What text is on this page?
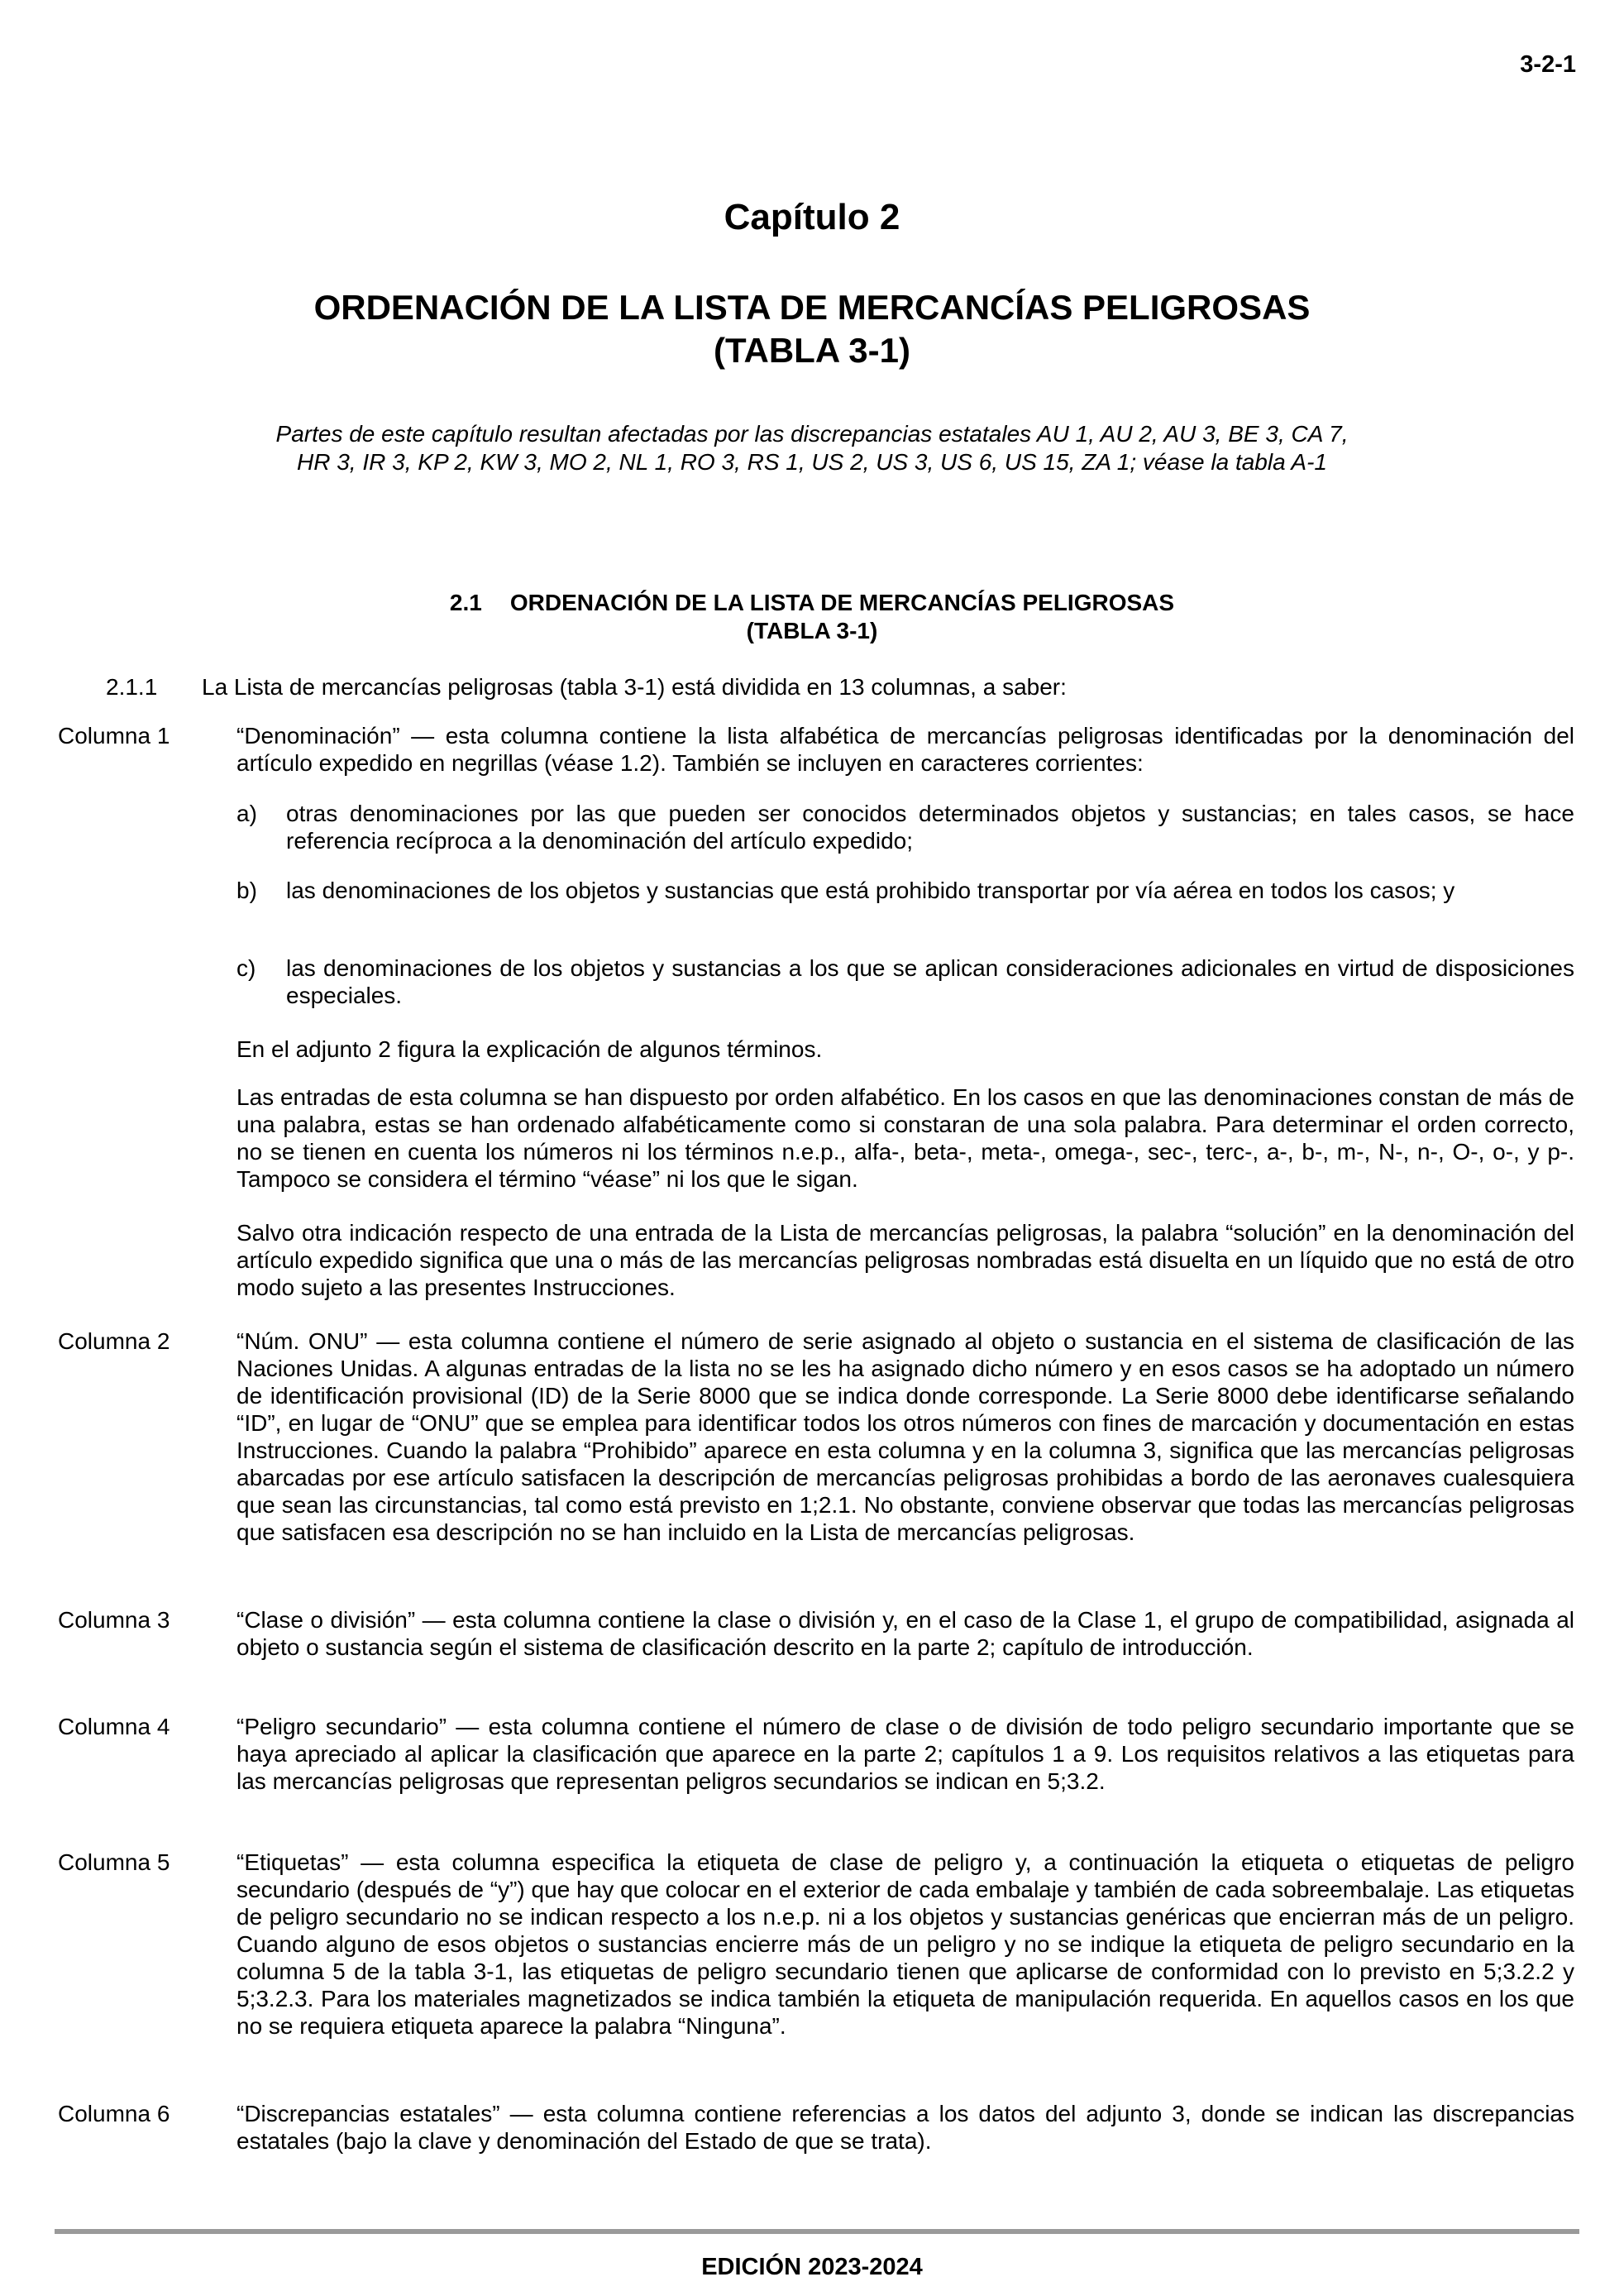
3-2-1
Capítulo 2
ORDENACIÓN DE LA LISTA DE MERCANCÍAS PELIGROSAS
(TABLA 3-1)
Partes de este capítulo resultan afectadas por las discrepancias estatales AU 1, AU 2, AU 3, BE 3, CA 7,
HR 3, IR 3, KP 2, KW 3, MO 2, NL 1, RO 3, RS 1, US 2, US 3, US 6, US 15, ZA 1; véase la tabla A-1
2.1 ORDENACIÓN DE LA LISTA DE MERCANCÍAS PELIGROSAS
(TABLA 3-1)
2.1.1 La Lista de mercancías peligrosas (tabla 3-1) está dividida en 13 columnas, a saber:
Columna 1	“Denominación” — esta columna contiene la lista alfabética de mercancías peligrosas identificadas por la denominación del artículo expedido en negrillas (véase 1.2). También se incluyen en caracteres corrientes:
a) otras denominaciones por las que pueden ser conocidos determinados objetos y sustancias; en tales casos, se hace referencia recíproca a la denominación del artículo expedido;
b) las denominaciones de los objetos y sustancias que está prohibido transportar por vía aérea en todos los casos; y
c) las denominaciones de los objetos y sustancias a los que se aplican consideraciones adicionales en virtud de disposiciones especiales.
En el adjunto 2 figura la explicación de algunos términos.
Las entradas de esta columna se han dispuesto por orden alfabético. En los casos en que las denominaciones constan de más de una palabra, estas se han ordenado alfabéticamente como si constaran de una sola palabra. Para determinar el orden correcto, no se tienen en cuenta los números ni los términos n.e.p., alfa-, beta-, meta-, omega-, sec-, terc-, a-, b-, m-, N-, n-, O-, o-, y p-. Tampoco se considera el término “véase” ni los que le sigan.
Salvo otra indicación respecto de una entrada de la Lista de mercancías peligrosas, la palabra “solución” en la denominación del artículo expedido significa que una o más de las mercancías peligrosas nombradas está disuelta en un líquido que no está de otro modo sujeto a las presentes Instrucciones.
Columna 2	“Núm. ONU” — esta columna contiene el número de serie asignado al objeto o sustancia en el sistema de clasificación de las Naciones Unidas. A algunas entradas de la lista no se les ha asignado dicho número y en esos casos se ha adoptado un número de identificación provisional (ID) de la Serie 8000 que se indica donde corresponde. La Serie 8000 debe identificarse señalando “ID”, en lugar de “ONU” que se emplea para identificar todos los otros números con fines de marcación y documentación en estas Instrucciones. Cuando la palabra “Prohibido” aparece en esta columna y en la columna 3, significa que las mercancías peligrosas abarcadas por ese artículo satisfacen la descripción de mercancías peligrosas prohibidas a bordo de las aeronaves cualesquiera que sean las circunstancias, tal como está previsto en 1;2.1. No obstante, conviene observar que todas las mercancías peligrosas que satisfacen esa descripción no se han incluido en la Lista de mercancías peligrosas.
Columna 3	“Clase o división” — esta columna contiene la clase o división y, en el caso de la Clase 1, el grupo de compatibilidad, asignada al objeto o sustancia según el sistema de clasificación descrito en la parte 2; capítulo de introducción.
Columna 4	“Peligro secundario” — esta columna contiene el número de clase o de división de todo peligro secundario importante que se haya apreciado al aplicar la clasificación que aparece en la parte 2; capítulos 1 a 9. Los requisitos relativos a las etiquetas para las mercancías peligrosas que representan peligros secundarios se indican en 5;3.2.
Columna 5	“Etiquetas” — esta columna especifica la etiqueta de clase de peligro y, a continuación la etiqueta o etiquetas de peligro secundario (después de “y”) que hay que colocar en el exterior de cada embalaje y también de cada sobreembalaje. Las etiquetas de peligro secundario no se indican respecto a los n.e.p. ni a los objetos y sustancias genéricas que encierran más de un peligro. Cuando alguno de esos objetos o sustancias encierre más de un peligro y no se indique la etiqueta de peligro secundario en la columna 5 de la tabla 3-1, las etiquetas de peligro secundario tienen que aplicarse de conformidad con lo previsto en 5;3.2.2 y 5;3.2.3. Para los materiales magnetizados se indica también la etiqueta de manipulación requerida. En aquellos casos en los que no se requiera etiqueta aparece la palabra “Ninguna”.
Columna 6	“Discrepancias estatales” — esta columna contiene referencias a los datos del adjunto 3, donde se indican las discrepancias estatales (bajo la clave y denominación del Estado de que se trata).
EDICIÓN 2023-2024
